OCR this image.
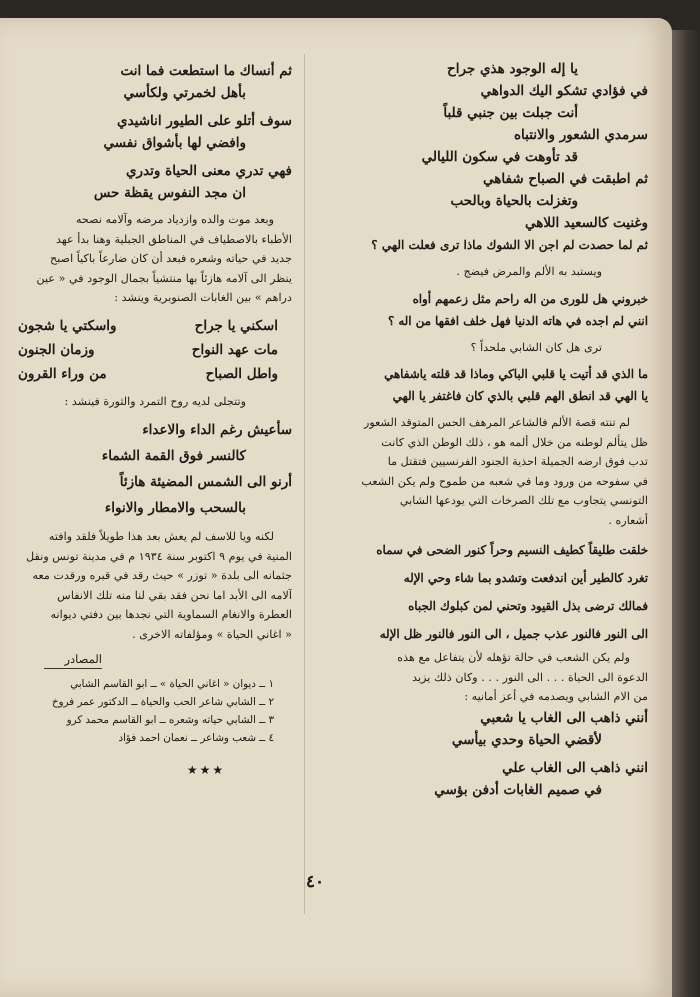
يا إله الوجود هذي جراح
في فؤادي تشكو اليك الدواهي
أنت جبلت بين جنبي قلباً
سرمدي الشعور والانتباه
قد تأوهت في سكون الليالي
ثم اطبقت في الصباح شفاهي
وتغزلت بالحياة وبالحب
وغنيت كالسعيد اللاهي
ثم لما حصدت لم اجن الا الشوك ماذا ترى فعلت الهي ؟
ويستبد به الألم والمرض فيضج .
خبروني هل للورى من اله راحم مثل زعمهم أواه
انني لم اجده في هاته الدنيا فهل خلف افقها من اله ؟
ترى هل كان الشابي ملحداً ؟
ما الذي قد أتيت يا قلبي الباكي وماذا قد قلته ياشفاهي
يا الهي قد انطق الهم قلبي بالذي كان فاغتفر يا الهي
لم تنته قصة الألم فالشاعر المرهف الحس المتوقد الشعور
ظل يتألم لوطنه من خلال ألمه هو ، ذلك الوطن الذي كانت
تدب فوق ارضه الجميلة احذية الجنود الفرنسيين فتقتل ما
في سفوحه من ورود وما في شعبه من طموح ولم يكن الشعب
التونسي يتجاوب مع تلك الصرخات التي يودعها الشابي
أشعاره .
خلقت طليقاً كطيف النسيم وحراً كنور الضحى في سماه
تغرد كالطير أين اندفعت وتشدو بما شاء وحي الإله
فمالك ترضى بذل القيود وتحني لمن كبلوك الجباه
الى النور فالنور عذب جميل ، الى النور فالنور ظل الإله
ولم يكن الشعب في حالة تؤهله لأن يتفاعل مع هذه
الدعوة الى الحياة . . . الى النور . . . وكان ذلك يزيد
من الام الشابي ويصدمه في أعز أمانيه :
أنني ذاهب الى الغاب يا شعبي
لأقضي الحياة وحدي بيأسي
انني ذاهب الى الغاب علي
في صميم الغابات أدفن بؤسي
ثم أنساك ما استطعت فما انت
بأهل لخمرتي ولكأسي
سوف أتلو على الطيور اناشيدي
وافضي لها بأشواق نفسي
فهي تدري معنى الحياة وتدري
ان مجد النفوس يقظة حس
وبعد موت والده وازدياد مرضه وآلامه نصحه
الأطباء بالاصطياف في المناطق الجبلية وهنا بدأ عهد
جديد في حياته وشعره فبعد أن كان ضارعاً باكياً اصبح
ينظر الى آلامه هازئاً بها منتشياً بجمال الوجود في « عين
دراهم » بين الغابات الصنوبرية وينشد :
اسكني يا جراح
واسكتي يا شجون
مات عهد النواح
وزمان الجنون
واطل الصباح
من وراء القرون
وتتجلى لديه روح التمرد والثورة فينشد :
سأعيش رغم الداء والاعداء
كالنسر فوق القمة الشماء
أرنو الى الشمس المضيئة هازئاً
بالسحب والامطار والانواء
لكنه ويا للاسف لم يعش بعد هذا طويلاً فلقد وافته
المنية في يوم ٩ اكتوبر سنة ١٩٣٤ م في مدينة تونس ونقل
جثمانه الى بلدة « توزر » حيث رقد في قبره ورقدت معه
آلامه الى الأبد اما نحن فقد بقي لنا منه تلك الانفاس
العطرة والانغام السماوية التي نجدها بين دفتي ديوانه
« اغاني الحياة » ومؤلفاته الاخرى .
المصادر
١ ــ ديوان « اغاني الحياة » ــ ابو القاسم الشابي
٢ ــ الشابي شاعر الحب والحياة ــ الدكتور عمر فروخ
٣ ــ الشابي حياته وشعره ــ ابو القاسم محمد كرو
٤ ــ شعب وشاعر ــ نعمان احمد فؤاد
★★★
٤٠
